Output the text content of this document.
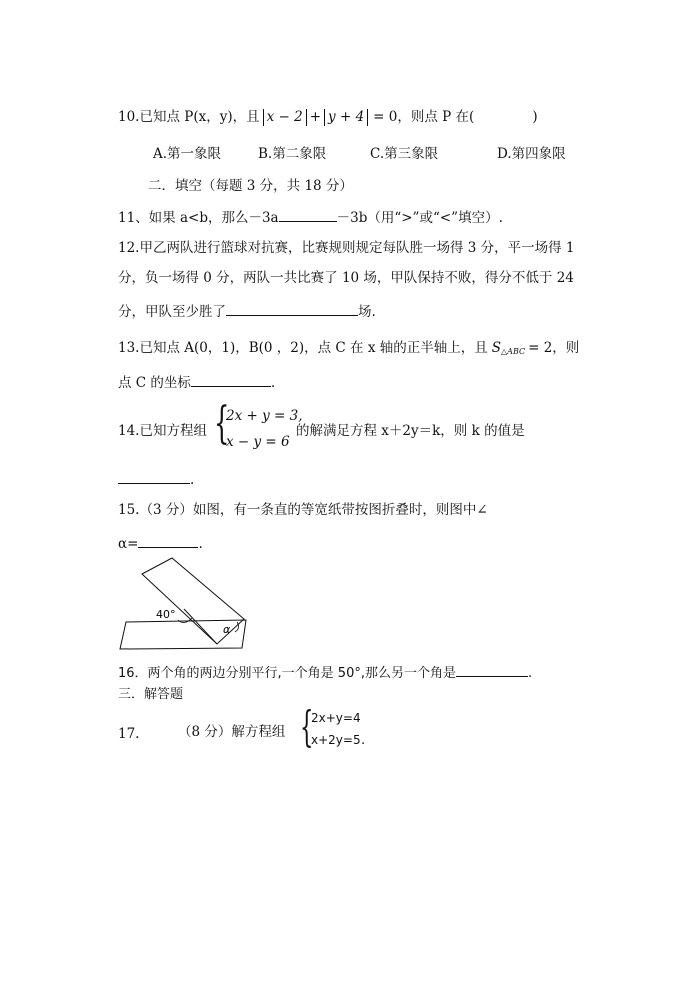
10.已知点 P(x，y)，且 x − 2 + y + 4 = 0，则点 P 在(	)
A.第一象限	B.第二象限	C.第三象限	D.第四象限
二．填空（每题 3 分，共 18 分）
11、如果 a<b，那么－3a	－3b（用“>”或“<”填空）.
12.甲乙两队进行篮球对抗赛，比赛规则规定每队胜一场得 3 分，平一场得 1
分，负一场得 0 分，两队一共比赛了 10 场，甲队保持不败，得分不低于 24
分，甲队至少胜了	场.
13.已知点 A(0，1)，B(0 ，2)，点 C 在 x 轴的正半轴上，且 $S_{\triangle ABC} = 2$，则
点 C 的坐标	.
14.已知方程组 {
2x + y = 3,
x − y = 6
的解满足方程 x＋2y＝k，则 k 的值是
.
15.（3 分）如图，有一条直的等宽纸带按图折叠时，则图中∠
α=	.
40°
α
16．两个角的两边分别平行,一个角是 50°,那么另一个角是	.
三．解答题
17.	（8 分）解方程组 {
2x+y=4
x+2y=5 .
